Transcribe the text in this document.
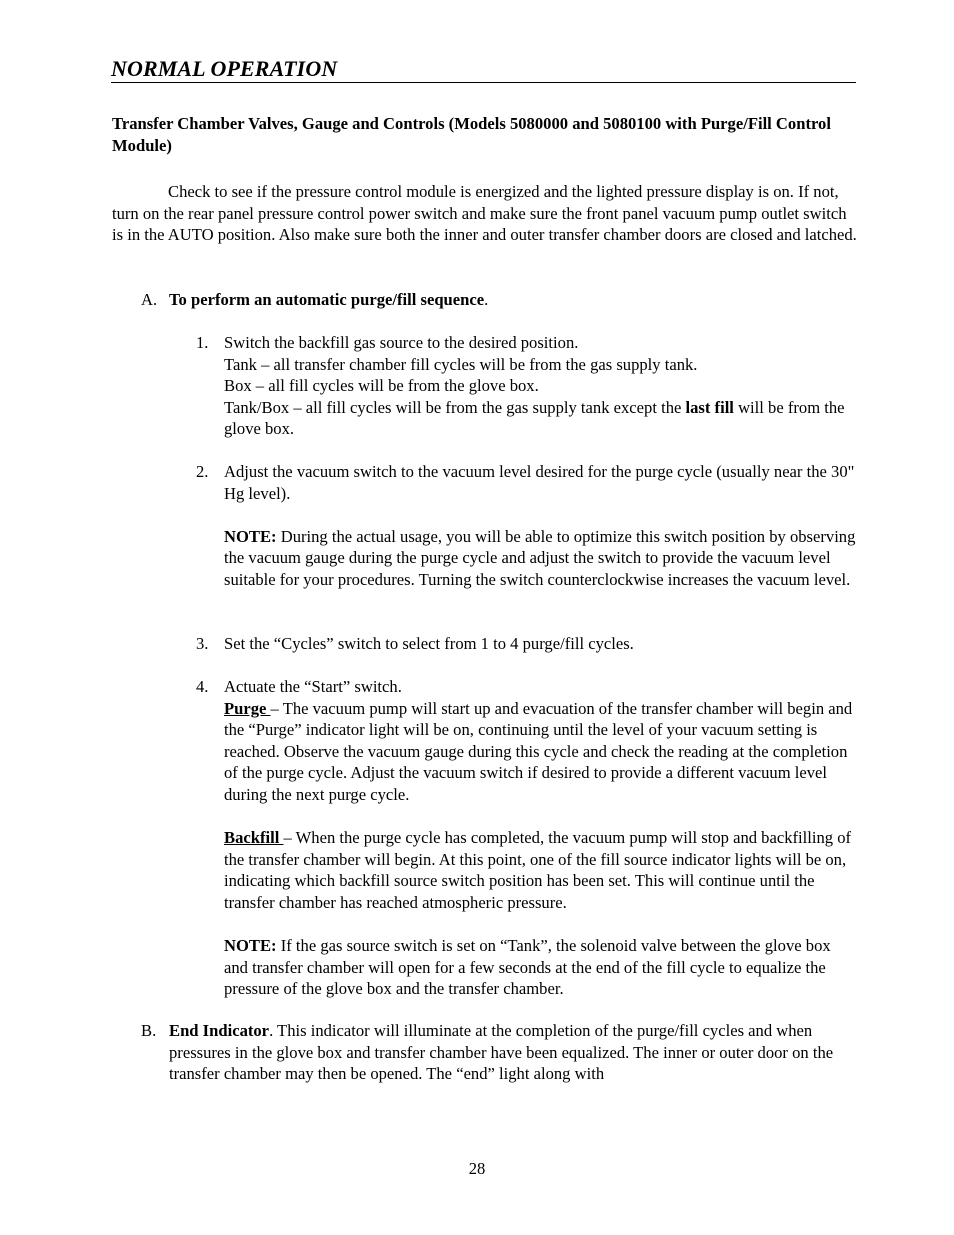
NORMAL OPERATION
Transfer Chamber Valves, Gauge and Controls (Models 5080000 and 5080100 with Purge/Fill Control Module)

Check to see if the pressure control module is energized and the lighted pressure display is on. If not, turn on the rear panel pressure control power switch and make sure the front panel vacuum pump outlet switch is in the AUTO position. Also make sure both the inner and outer transfer chamber doors are closed and latched.

A. To perform an automatic purge/fill sequence.
1. Switch the backfill gas source to the desired position.

Tank – all transfer chamber fill cycles will be from the gas supply tank.

Box – all fill cycles will be from the glove box.

Tank/Box – all fill cycles will be from the gas supply tank except the last fill will be from the glove box.

2. Adjust the vacuum switch to the vacuum level desired for the purge cycle (usually near the 30" Hg level).

NOTE: During the actual usage, you will be able to optimize this switch position by observing the vacuum gauge during the purge cycle and adjust the switch to provide the vacuum level suitable for your procedures. Turning the switch counterclockwise increases the vacuum level.

3. Set the “Cycles” switch to select from 1 to 4 purge/fill cycles.

4. Actuate the “Start” switch.

Purge – The vacuum pump will start up and evacuation of the transfer chamber will begin and the “Purge” indicator light will be on, continuing until the level of your vacuum setting is reached. Observe the vacuum gauge during this cycle and check the reading at the completion of the purge cycle. Adjust the vacuum switch if desired to provide a different vacuum level during the next purge cycle.

Backfill – When the purge cycle has completed, the vacuum pump will stop and backfilling of the transfer chamber will begin. At this point, one of the fill source indicator lights will be on, indicating which backfill source switch position has been set. This will continue until the transfer chamber has reached atmospheric pressure.

NOTE: If the gas source switch is set on “Tank”, the solenoid valve between the glove box and transfer chamber will open for a few seconds at the end of the fill cycle to equalize the pressure of the glove box and the transfer chamber.

B. End Indicator. This indicator will illuminate at the completion of the purge/fill cycles and when pressures in the glove box and transfer chamber have been equalized. The inner or outer door on the transfer chamber may then be opened. The “end” light along with
28
